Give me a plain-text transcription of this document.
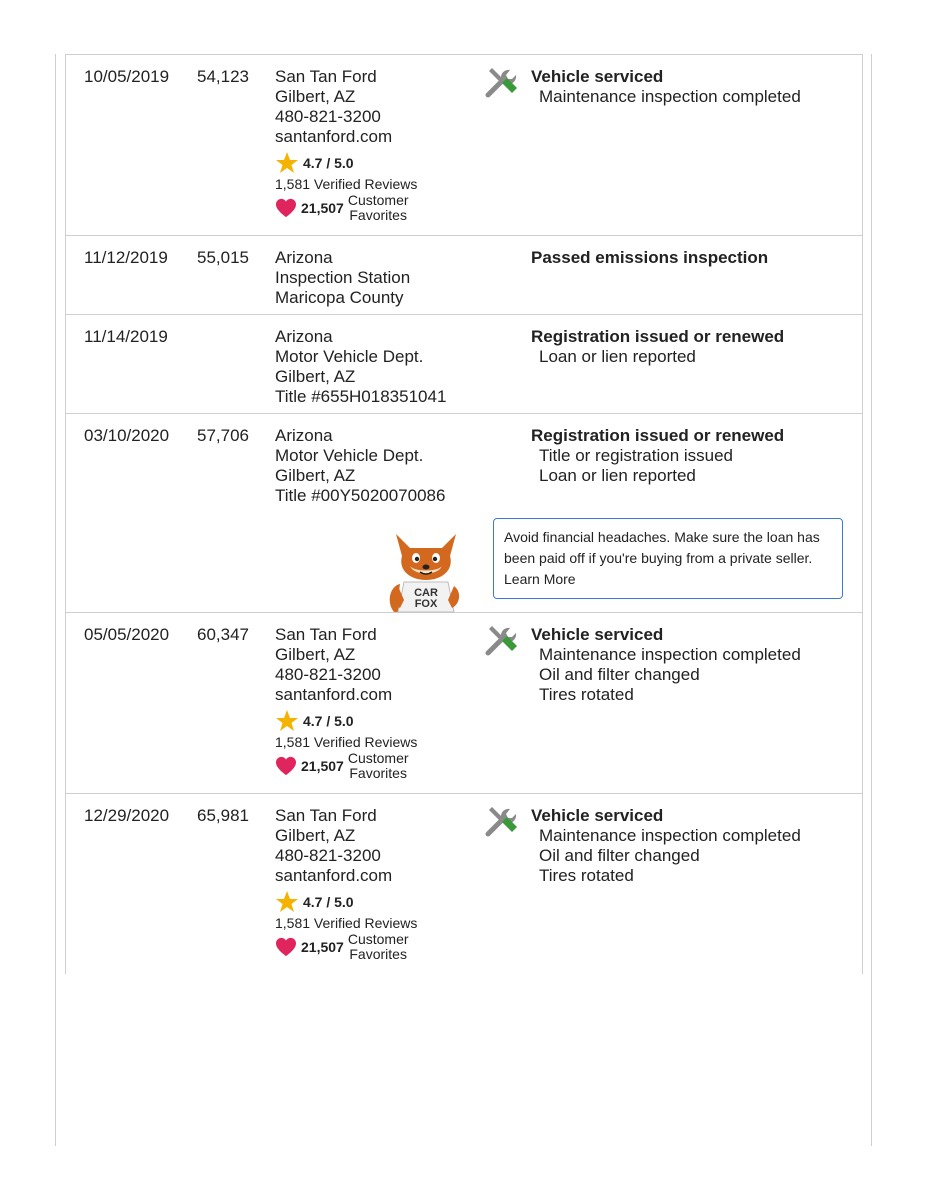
10/05/2019 54,123 San Tan Ford
Gilbert, AZ
480-821-3200
santanford.com
4.7 / 5.0
1,581 Verified Reviews
21,507 Customer
Favorites
Vehicle serviced
Maintenance inspection completed
11/12/2019 55,015 Arizona
Inspection Station
Maricopa County
Passed emissions inspection
11/14/2019	Arizona
Motor Vehicle Dept.
Gilbert, AZ
Title #655H018351041
Registration issued or renewed
Loan or lien reported
03/10/2020 57,706 Arizona
Motor Vehicle Dept.
Gilbert, AZ
Title #00Y5020070086
Registration issued or renewed
Title or registration issued
Loan or lien reported
CAR
FOX
Avoid financial headaches. Make sure the loan has been paid off if you're buying from a private seller. Learn More
05/05/2020 60,347 San Tan Ford
Gilbert, AZ
480-821-3200
santanford.com
4.7 / 5.0
1,581 Verified Reviews
21,507 Customer
Favorites
Vehicle serviced
Maintenance inspection completed
Oil and filter changed
Tires rotated
12/29/2020 65,981 San Tan Ford
Gilbert, AZ
480-821-3200
santanford.com
4.7 / 5.0
1,581 Verified Reviews
21,507 Customer
Favorites
Vehicle serviced
Maintenance inspection completed
Oil and filter changed
Tires rotated
